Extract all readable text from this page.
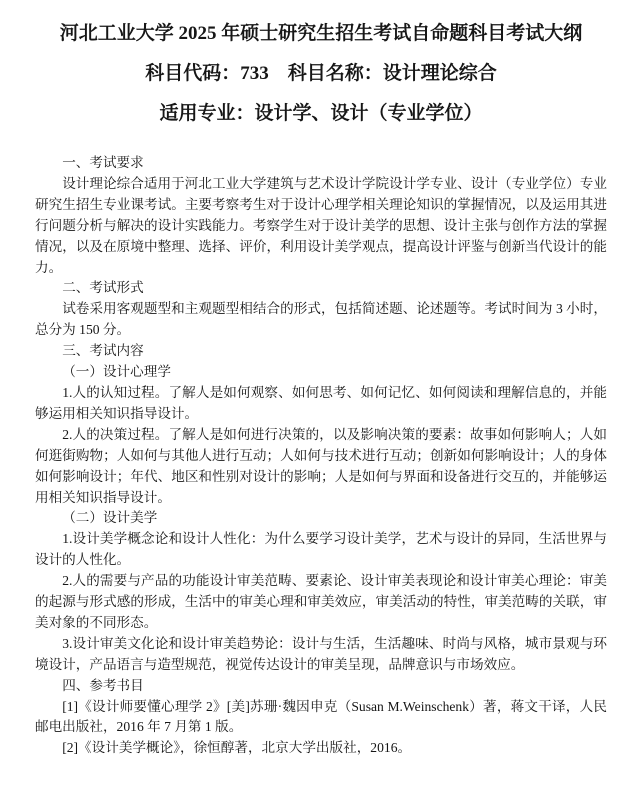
河北工业大学 2025 年硕士研究生招生考试自命题科目考试大纲
科目代码：733 科目名称：设计理论综合
适用专业：设计学、设计（专业学位）

一、考试要求

设计理论综合适用于河北工业大学建筑与艺术设计学院设计学专业、设计（专业学位）专业研究生招生专业课考试。主要考察考生对于设计心理学相关理论知识的掌握情况，以及运用其进行问题分析与解决的设计实践能力。考察学生对于设计美学的思想、设计主张与创作方法的掌握情况，以及在原境中整理、选择、评价，利用设计美学观点，提高设计评鉴与创新当代设计的能力。

二、考试形式

试卷采用客观题型和主观题型相结合的形式，包括简述题、论述题等。考试时间为 3 小时，总分为 150 分。

三、考试内容

（一）设计心理学

1.人的认知过程。了解人是如何观察、如何思考、如何记忆、如何阅读和理解信息的，并能够运用相关知识指导设计。

2.人的决策过程。了解人是如何进行决策的，以及影响决策的要素：故事如何影响人；人如何逛街购物；人如何与其他人进行互动；人如何与技术进行互动；创新如何影响设计；人的身体如何影响设计；年代、地区和性别对设计的影响；人是如何与界面和设备进行交互的，并能够运用相关知识指导设计。

（二）设计美学

1.设计美学概念论和设计人性化：为什么要学习设计美学，艺术与设计的异同，生活世界与设计的人性化。

2.人的需要与产品的功能设计审美范畴、要素论、设计审美表现论和设计审美心理论：审美的起源与形式感的形成，生活中的审美心理和审美效应，审美活动的特性，审美范畴的关联，审美对象的不同形态。

3.设计审美文化论和设计审美趋势论：设计与生活，生活趣味、时尚与风格，城市景观与环境设计，产品语言与造型规范，视觉传达设计的审美呈现，品牌意识与市场效应。

四、参考书目

[1]《设计师要懂心理学 2》[美]苏珊·魏因申克（Susan M.Weinschenk）著，蒋文干译，人民邮电出版社，2016 年 7 月第 1 版。

[2]《设计美学概论》，徐恒醇著，北京大学出版社，2016。
